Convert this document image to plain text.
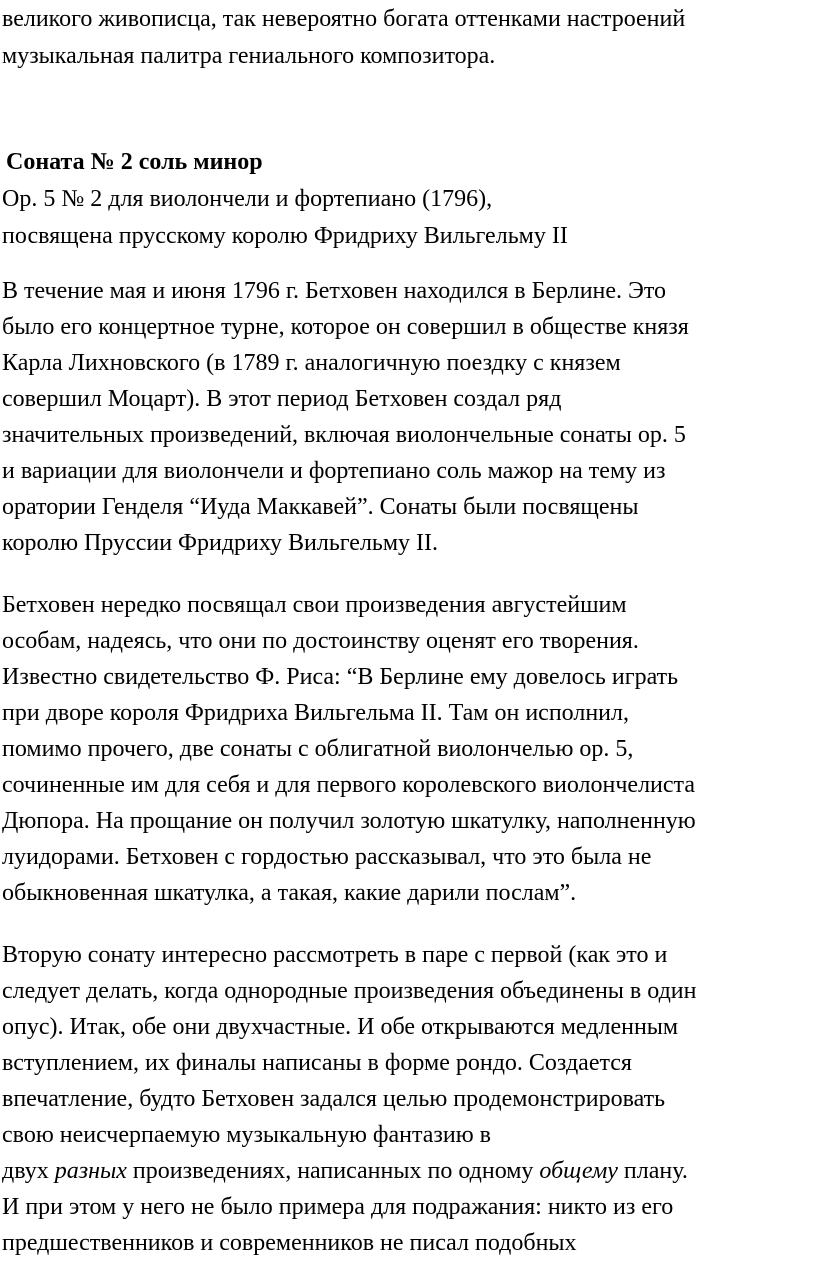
великого живописца, так невероятно богата оттенками настроений
музыкальная палитра гениального композитора.
Соната № 2 соль минор
Op. 5 № 2 для виолончели и фортепиано (1796),
посвящена прусскому королю Фридриху Вильгельму II
В течение мая и июня 1796 г. Бетховен находился в Берлине. Это
было его концертное турне, которое он совершил в обществе князя
Карла Лихновского (в 1789 г. аналогичную поездку с князем
совершил Моцарт). В этот период Бетховен создал ряд
значительных произведений, включая виолончельные сонаты ор. 5
и вариации для виолончели и фортепиано соль мажор на тему из
оратории Генделя “Иуда Маккавей”. Сонаты были посвящены
королю Пруссии Фридриху Вильгельму II.
Бетховен нередко посвящал свои произведения августейшим
особам, надеясь, что они по достоинству оценят его творения.
Известно свидетельство Ф. Риса: “В Берлине ему довелось играть
при дворе короля Фридриха Вильгельма II. Там он исполнил,
помимо прочего, две сонаты с облигатной виолончелью ор. 5,
сочиненные им для себя и для первого королевского виолончелиста
Дюпора. На прощание он получил золотую шкатулку, наполненную
луидорами. Бетховен с гордостью рассказывал, что это была не
обыкновенная шкатулка, а такая, какие дарили послам”.
Вторую сонату интересно рассмотреть в паре с первой (как это и
следует делать, когда однородные произведения объединены в один
опус). Итак, обе они двухчастные. И обе открываются медленным
вступлением, их финалы написаны в форме рондо. Создается
впечатление, будто Бетховен задался целью продемонстрировать
свою неисчерпаемую музыкальную фантазию в
двух разных произведениях, написанных по одному общему плану.
И при этом у него не было примера для подражания: никто из его
предшественников и современников не писал подобных
